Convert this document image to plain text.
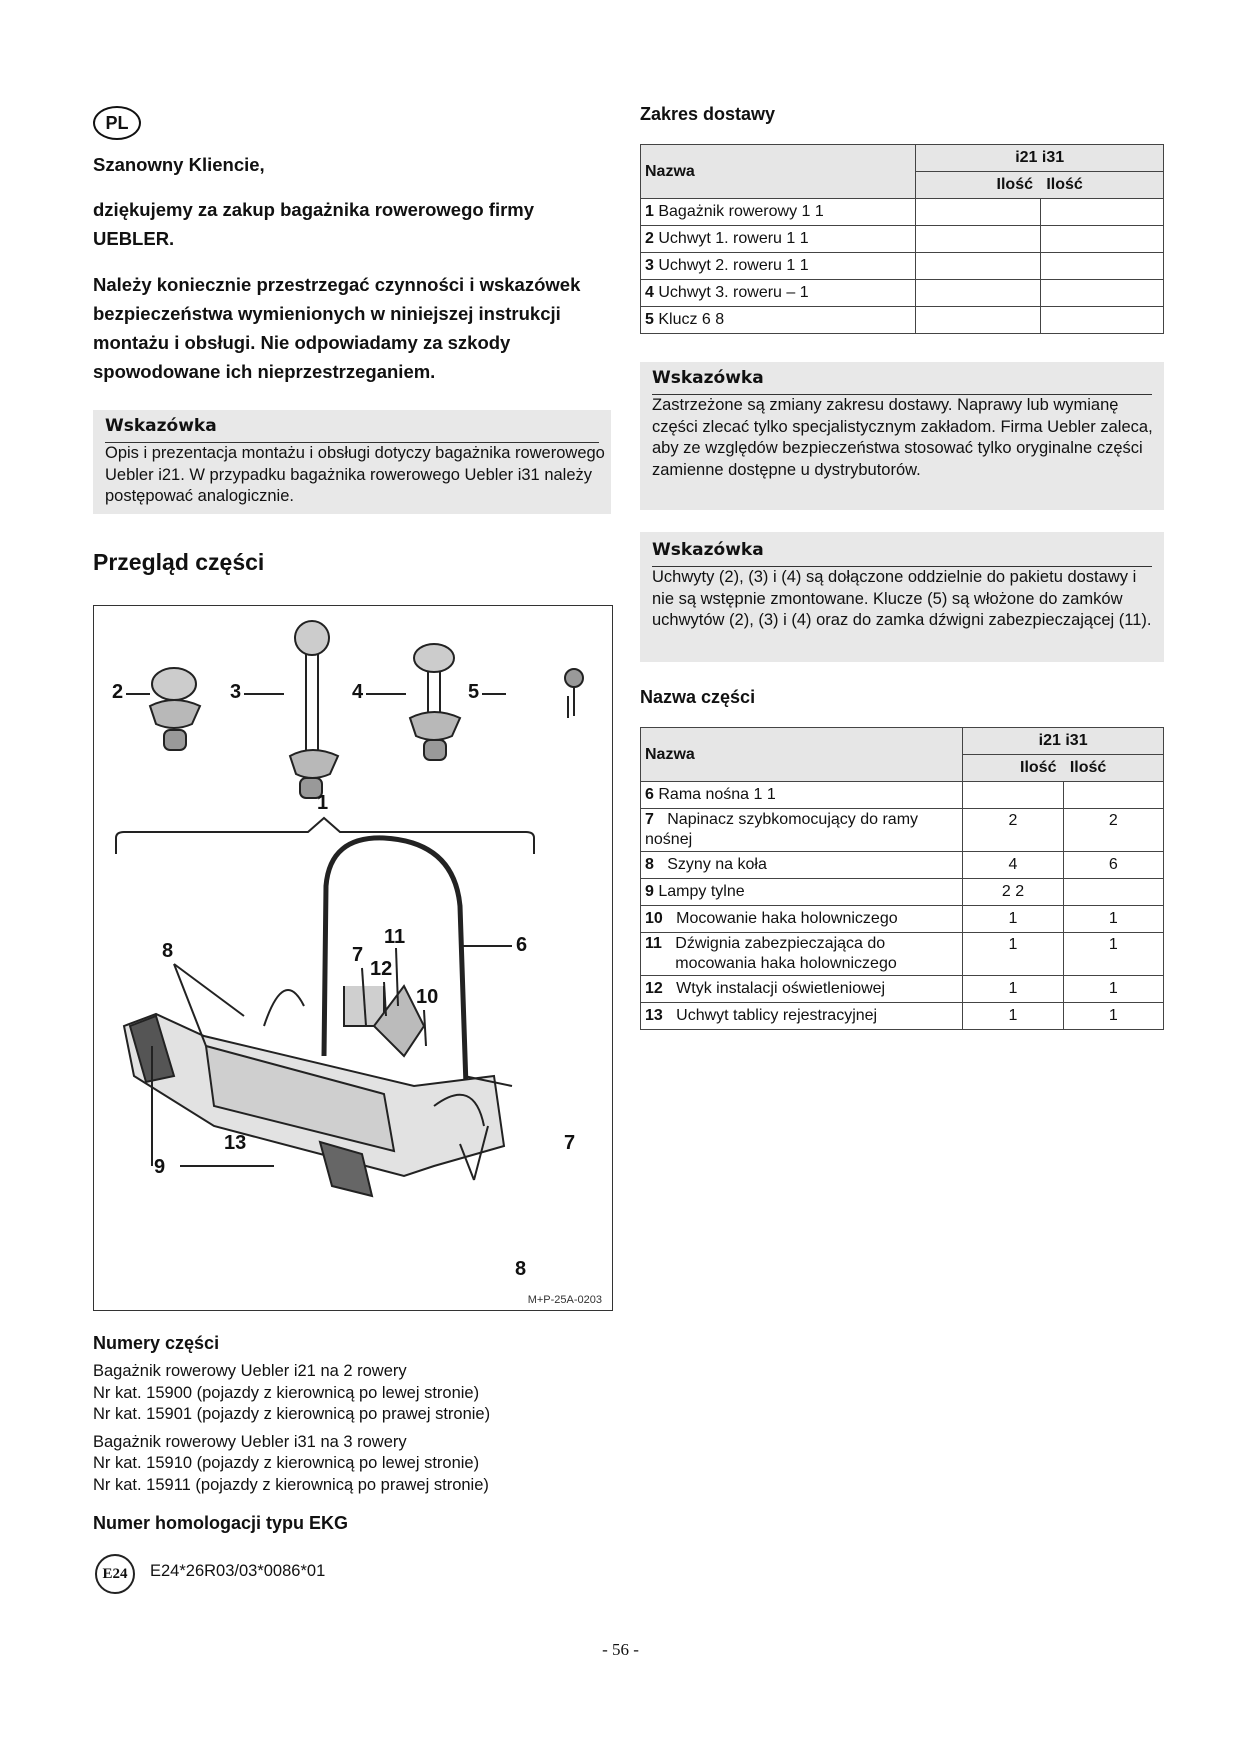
PL
Szanowny Kliencie,
dziękujemy za zakup bagażnika rowerowego firmy UEBLER.
Należy koniecznie przestrzegać czynności i wskazówek bezpieczeństwa wymienionych w niniejszej instrukcji montażu i obsługi. Nie odpowiadamy za szkody spowodowane ich nieprzestrzeganiem.
Wskazówka
Opis i prezentacja montażu i obsługi dotyczy bagażnika rowerowego Uebler i21. W przypadku bagażnika rowerowego Uebler i31 należy postępować analogicznie.
Przegląd części
2	3	4	5
1
8	7
11
12
10
6
7
13
9
8
M+P-25A-0203
Numery części
Bagażnik rowerowy Uebler i21 na 2 rowery
Nr kat. 15900 (pojazdy z kierownicą po lewej stronie)
Nr kat. 15901 (pojazdy z kierownicą po prawej stronie)
Bagażnik rowerowy Uebler i31 na 3 rowery
Nr kat. 15910 (pojazdy z kierownicą po lewej stronie)
Nr kat. 15911 (pojazdy z kierownicą po prawej stronie)
Numer homologacji typu EKG
E24	E24*26R03/03*0086*01
Zakres dostawy
Nazwa	i21 i31	
	Ilość   Ilość	
1 Bagażnik rowerowy 1 1		
2 Uchwyt 1. roweru 1 1		
3 Uchwyt 2. roweru 1 1		
4 Uchwyt 3. roweru – 1		
5 Klucz 6 8		
Wskazówka
Zastrzeżone są zmiany zakresu dostawy. Naprawy lub wymianę części zlecać tylko specjalistycznym zakładom. Firma Uebler zaleca, aby ze względów bezpieczeństwa stosować tylko oryginalne części zamienne dostępne u dystrybutorów.
Wskazówka
Uchwyty (2), (3) i (4) są dołączone oddzielnie do pakietu dostawy i nie są wstępnie zmontowane. Klucze (5) są włożone do zamków uchwytów (2), (3) i (4) oraz do zamka dźwigni zabezpieczającej (11).
Nazwa części
Nazwa	i21 i31	
	Ilość   Ilość	
6 Rama nośna 1 1		
7 Napinacz szybkomocujący do ramy nośnej	2	2
8 Szyny na koła	4	6
9 Lampy tylne	2 2	
10 Mocowanie haka holowniczego	1	1
11 Dźwignia zabezpieczająca do mocowania haka holowniczego	1	1
12 Wtyk instalacji oświetleniowej	1	1
13 Uchwyt tablicy rejestracyjnej	1	1
- 56 -
